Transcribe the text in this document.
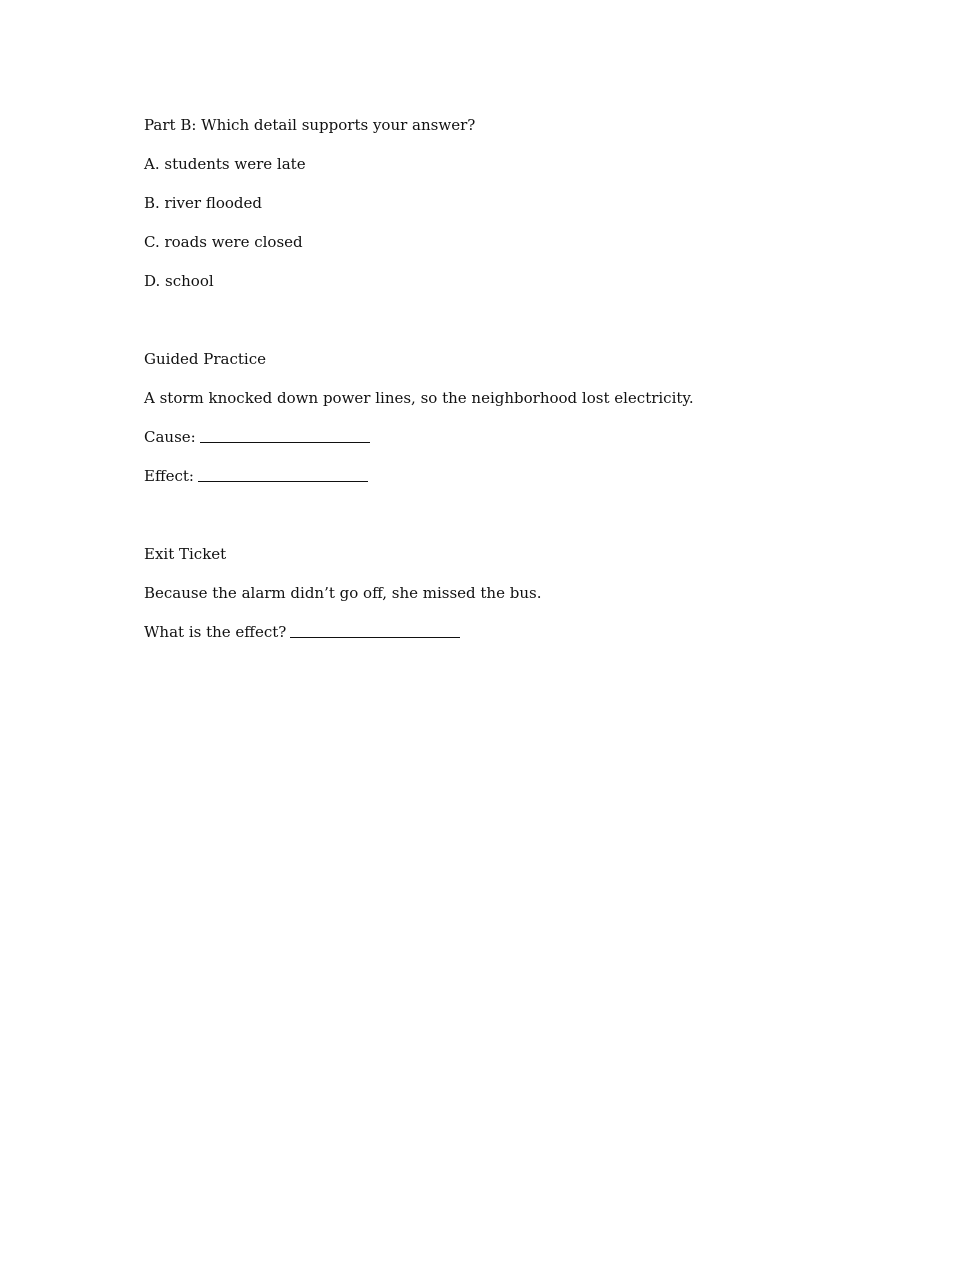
Part B: Which detail supports your answer?
A. students were late
B. river flooded
C. roads were closed
D. school
Guided Practice
A storm knocked down power lines, so the neighborhood lost electricity.
Cause:
Effect:
Exit Ticket
Because the alarm didn’t go off, she missed the bus.
What is the effect?
